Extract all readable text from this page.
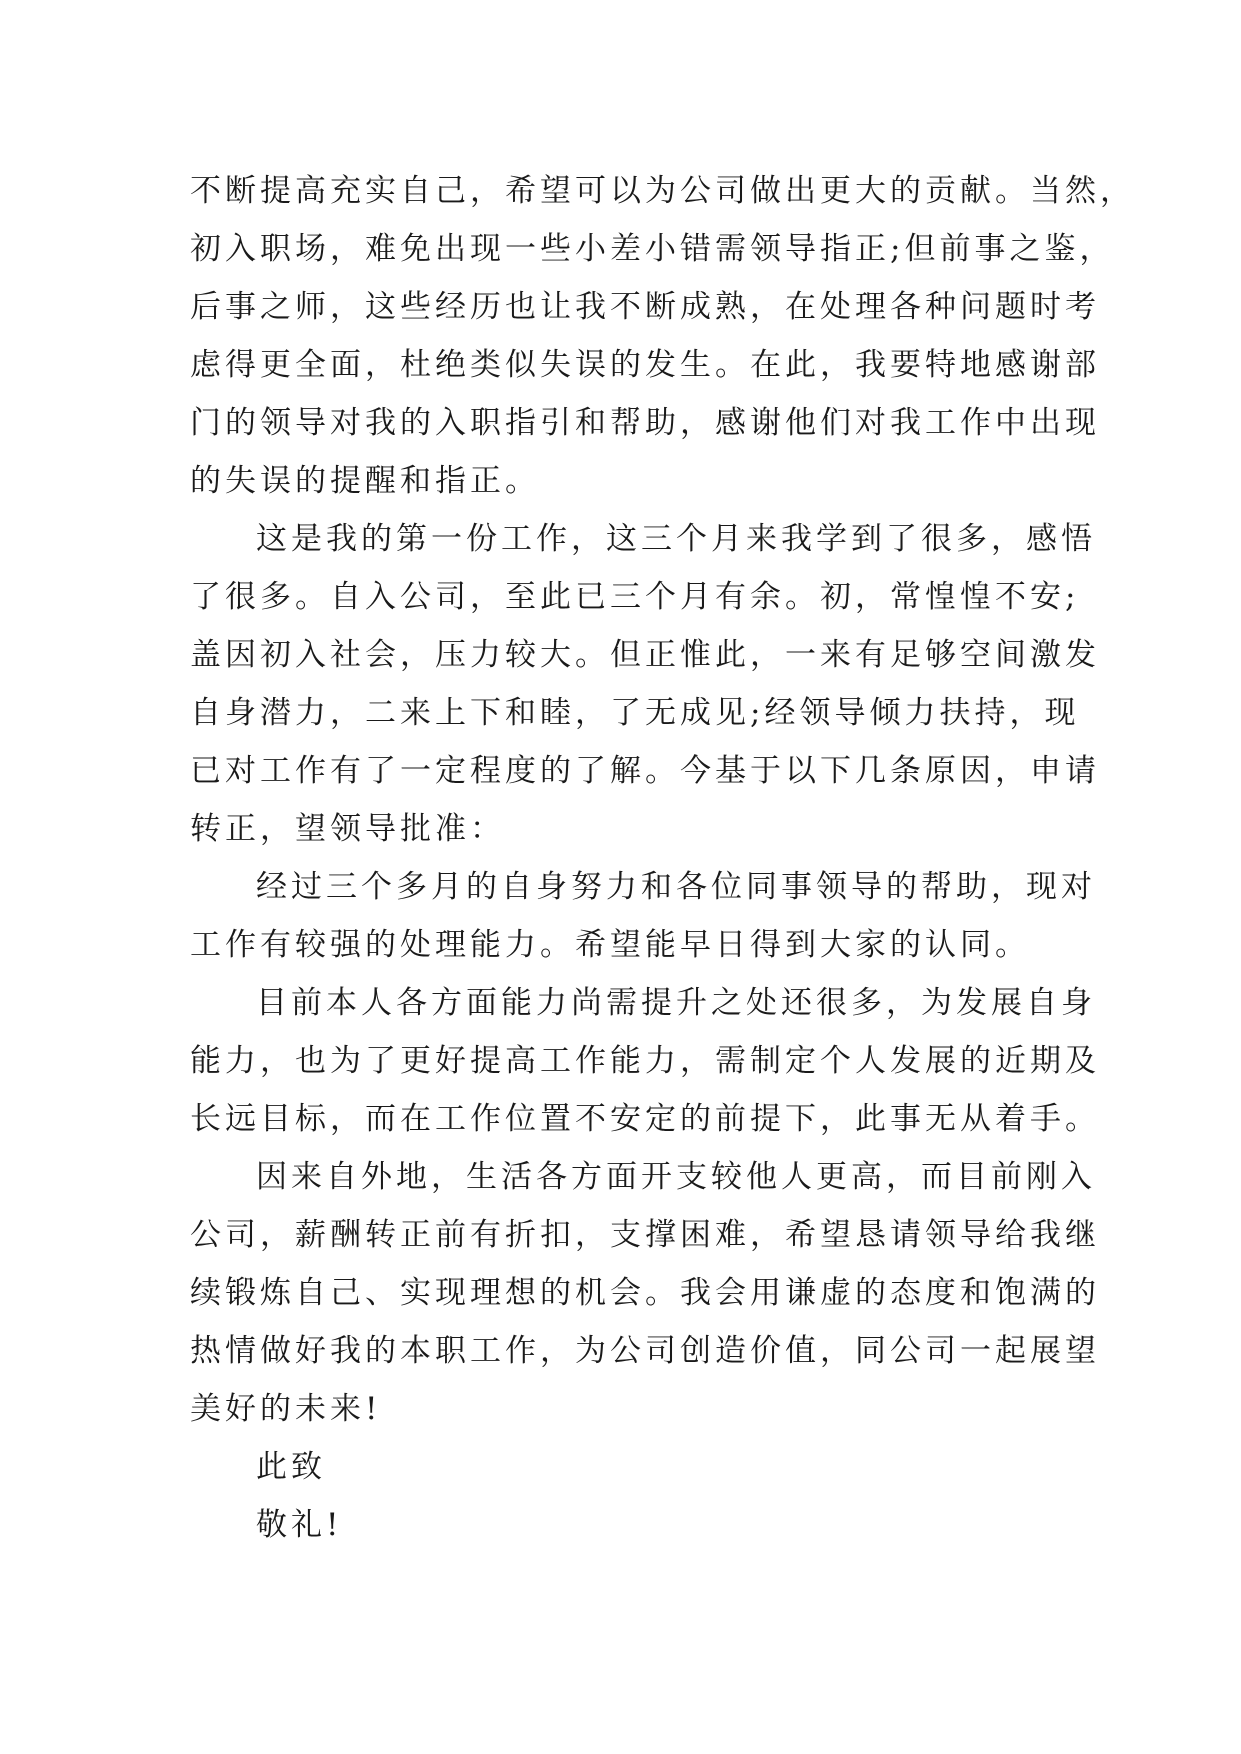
不断提高充实自己，希望可以为公司做出更大的贡献。当然，
初入职场，难免出现一些小差小错需领导指正;但前事之鉴，
后事之师，这些经历也让我不断成熟，在处理各种问题时考
虑得更全面，杜绝类似失误的发生。在此，我要特地感谢部
门的领导对我的入职指引和帮助，感谢他们对我工作中出现
的失误的提醒和指正。
这是我的第一份工作，这三个月来我学到了很多，感悟
了很多。自入公司，至此已三个月有余。初，常惶惶不安;
盖因初入社会，压力较大。但正惟此，一来有足够空间激发
自身潜力，二来上下和睦，了无成见;经领导倾力扶持，现
已对工作有了一定程度的了解。今基于以下几条原因，申请
转正，望领导批准：
经过三个多月的自身努力和各位同事领导的帮助，现对
工作有较强的处理能力。希望能早日得到大家的认同。
目前本人各方面能力尚需提升之处还很多，为发展自身
能力，也为了更好提高工作能力，需制定个人发展的近期及
长远目标，而在工作位置不安定的前提下，此事无从着手。
因来自外地，生活各方面开支较他人更高，而目前刚入
公司，薪酬转正前有折扣，支撑困难，希望恳请领导给我继
续锻炼自己、实现理想的机会。我会用谦虚的态度和饱满的
热情做好我的本职工作，为公司创造价值，同公司一起展望
美好的未来!
此致
敬礼!
